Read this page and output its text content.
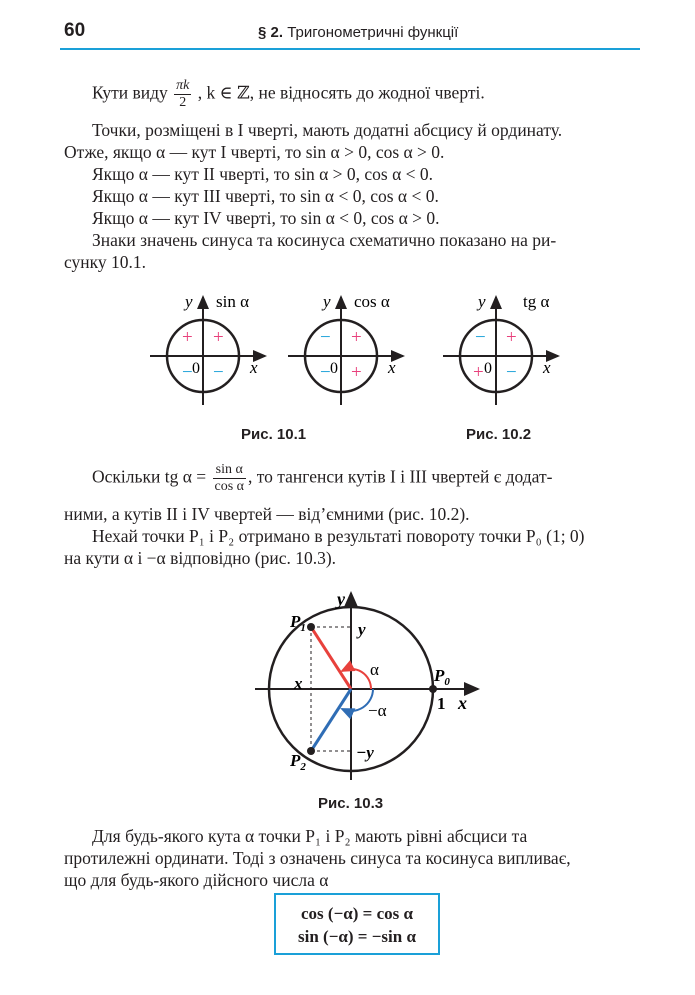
60	§ 2. Тригонометричні функції
Кути виду $\frac{\pi k}{2}$ , k ∈ ℤ, не відносять до жодної чверті.
Точки, розміщені в I чверті, мають додатні абсцису й ординату.
Отже, якщо α — кут I чверті, то sin α > 0, cos α > 0.
Якщо α — кут II чверті, то sin α > 0, cos α < 0.
Якщо α — кут III чверті, то sin α < 0, cos α < 0.
Якщо α — кут IV чверті, то sin α < 0, cos α > 0.
Знаки значень синуса та косинуса схематично показано на ри-
сунку 10.1.
y sin α
x
0
+
+
− −
y cos α
x
0
+
−
− +
y tg α
x
0
+
−
+ −
Рис. 10.1	Рис. 10.2
Оскільки tg $\alpha = \frac{\text{sin α}}{\text{cos α}}$ , то тангенси кутів I і III чвертей є додат-
ними, а кутів II і IV чвертей — від’ємними (рис. 10.2).
Нехай точки P₁ і P₂ отримано в результаті повороту точки P₀ (1; 0)
на кути α і −α відповідно (рис. 10.3).
y
x
$P_1$
$P_2$
$P_0$
y
−y
x
1
α
−α
Рис. 10.3
Для будь-якого кута α точки P₁ і P₂ мають рівні абсциси та
протилежні ординати. Тоді з означень синуса та косинуса випливає,
що для будь-якого дійсного числа α
cos (−α) = cos α
sin (−α) = −sin α
